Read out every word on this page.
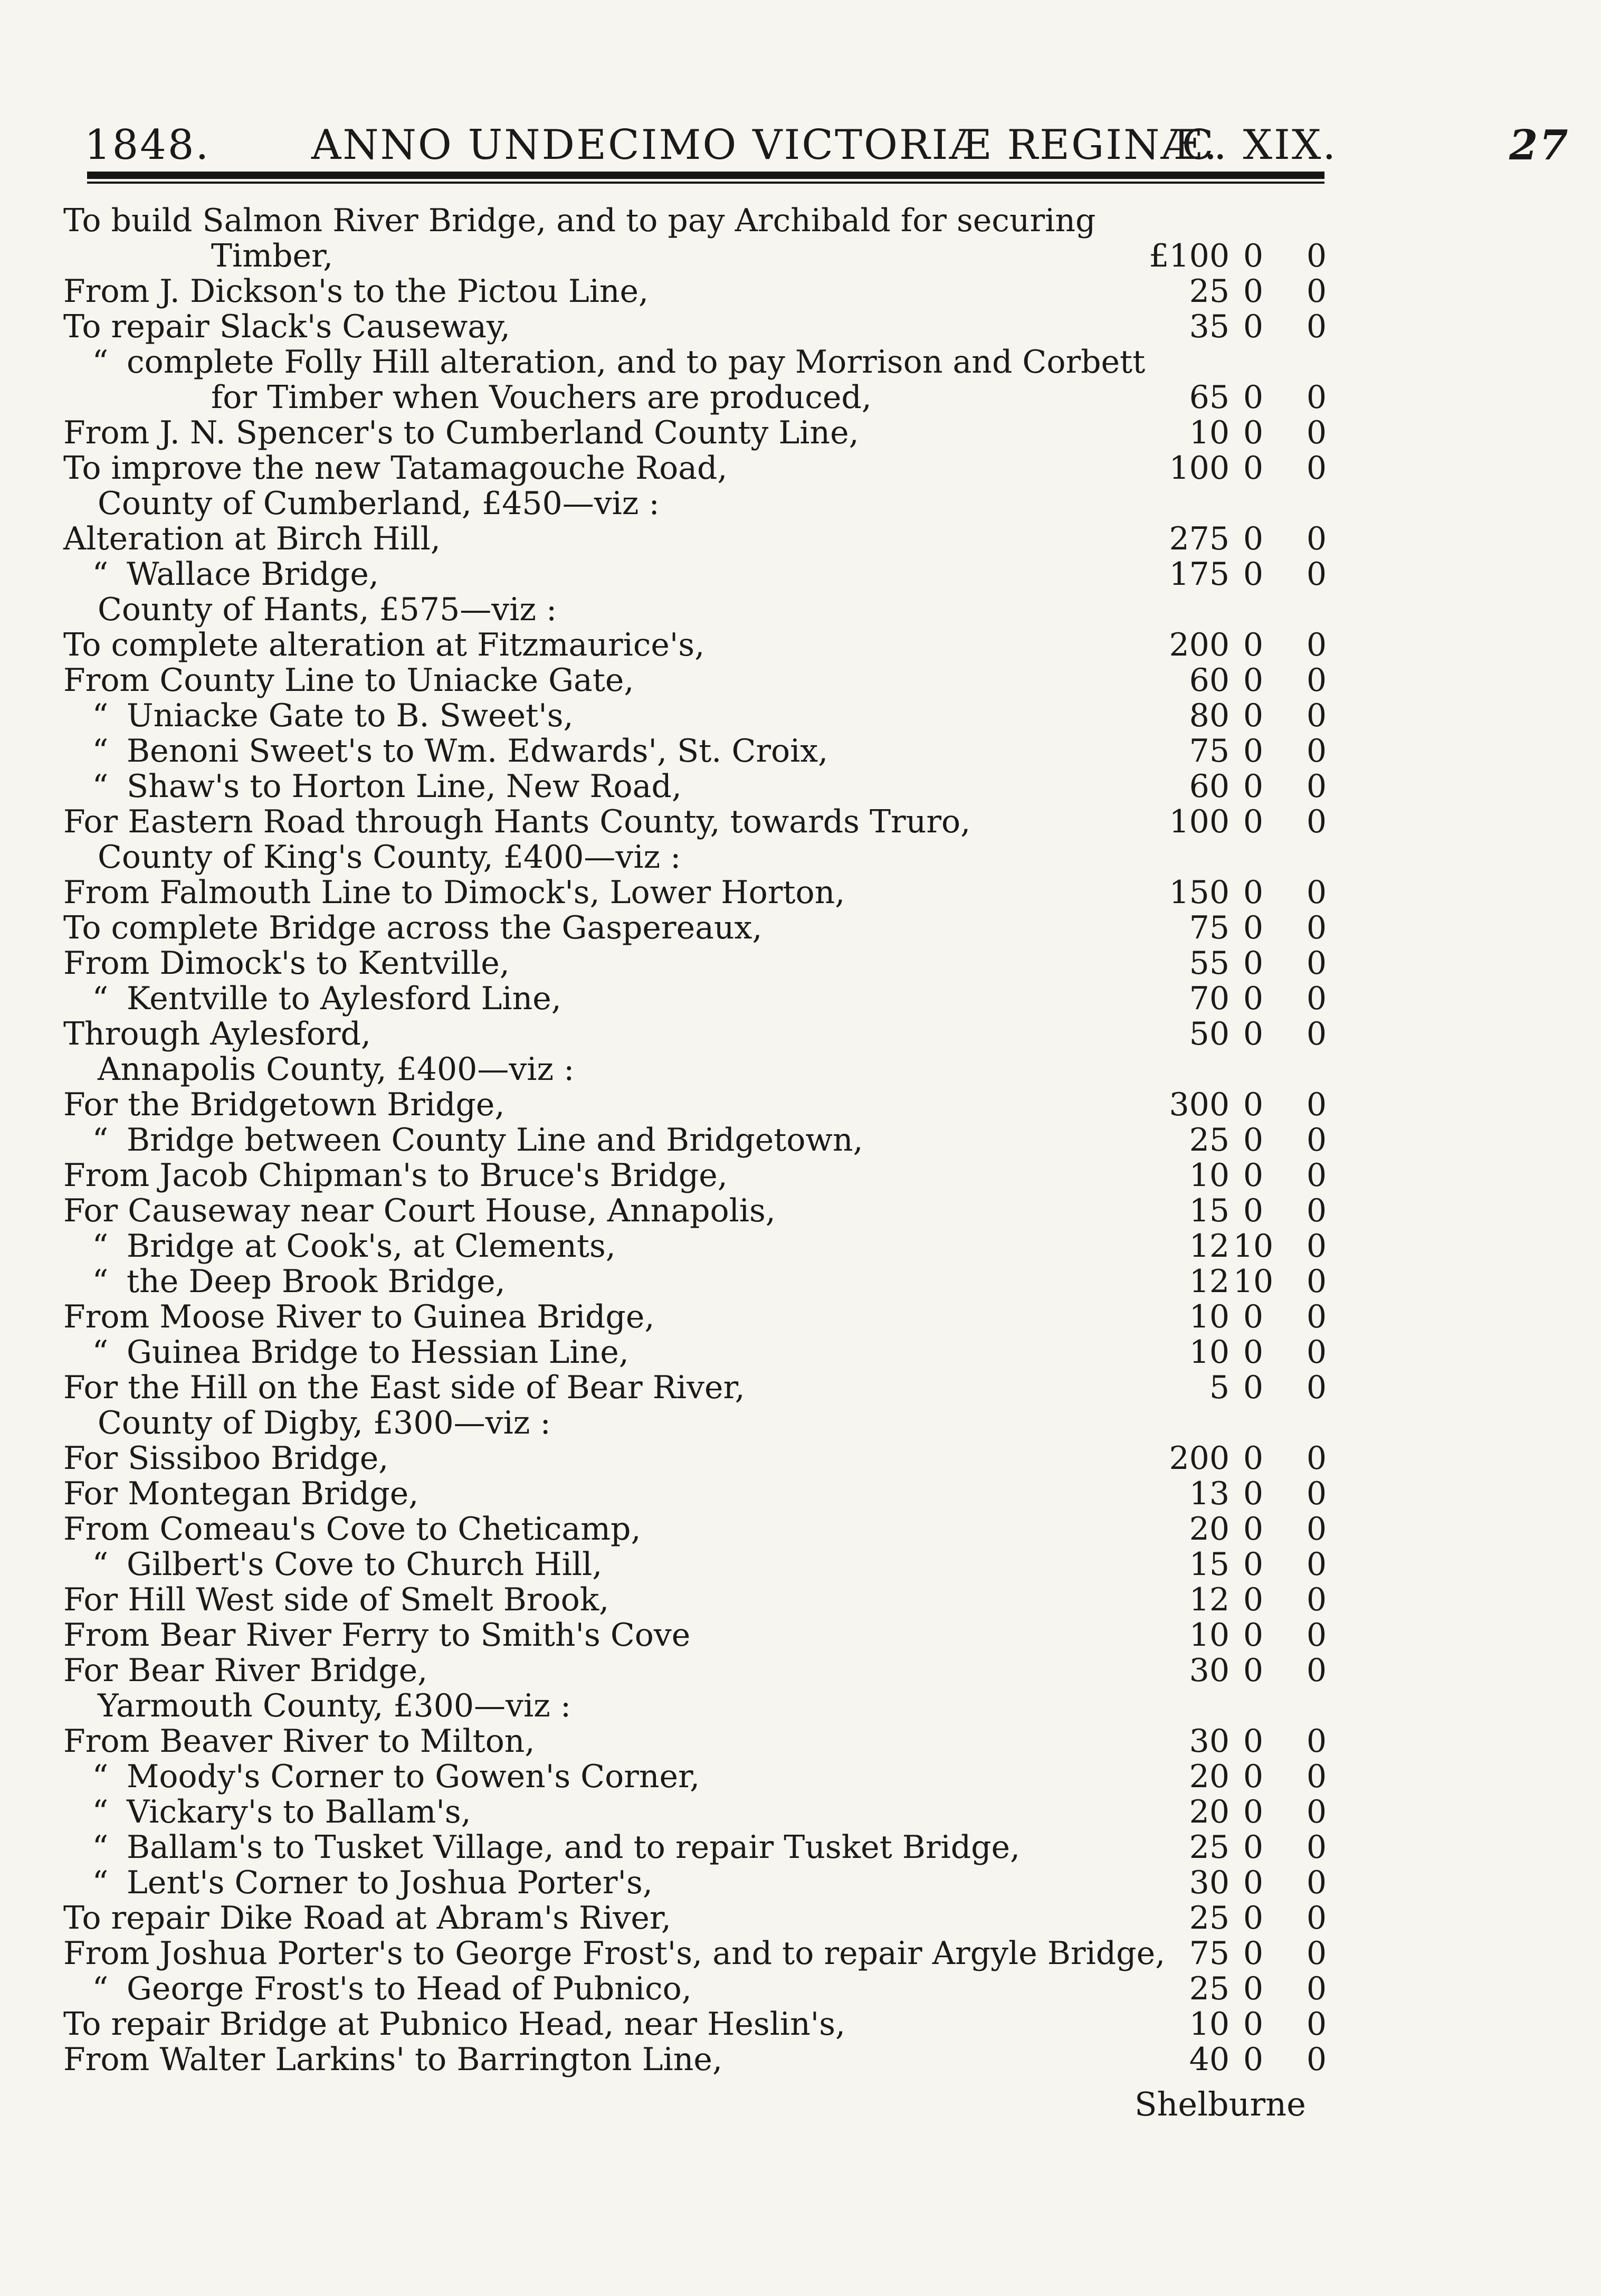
1848. ANNO UNDECIMO VICTORIÆ REGINÆ.
C. XIX.	27
To build Salmon River Bridge, and to pay Archibald for securing
Timber,	£100 0	0
From J. Dickson's to the Pictou Line,	25 0	0
To repair Slack's Causeway,	35 0	0
“ complete Folly Hill alteration, and to pay Morrison and Corbett
for Timber when Vouchers are produced,	65 0	0
From J. N. Spencer's to Cumberland County Line,	10 0	0
To improve the new Tatamagouche Road,	100 0	0
County of Cumberland, £450—viz :
Alteration at Birch Hill,	275 0	0
“ Wallace Bridge,	175 0	0
County of Hants, £575—viz :
To complete alteration at Fitzmaurice's,	200 0	0
From County Line to Uniacke Gate,	60 0	0
“ Uniacke Gate to B. Sweet's,	80 0	0
“ Benoni Sweet's to Wm. Edwards', St. Croix,	75 0	0
“ Shaw's to Horton Line, New Road,	60 0	0
For Eastern Road through Hants County, towards Truro,	100 0	0
County of King's County, £400—viz :
From Falmouth Line to Dimock's, Lower Horton,	150 0	0
To complete Bridge across the Gaspereaux,	75 0	0
From Dimock's to Kentville,	55 0	0
“ Kentville to Aylesford Line,	70 0	0
Through Aylesford,	50 0	0
Annapolis County, £400—viz :
For the Bridgetown Bridge,	300 0	0
“ Bridge between County Line and Bridgetown,	25 0	0
From Jacob Chipman's to Bruce's Bridge,	10 0	0
For Causeway near Court House, Annapolis,	15 0	0
“ Bridge at Cook's, at Clements,	12 10	0
“ the Deep Brook Bridge,	12 10	0
From Moose River to Guinea Bridge,	10 0	0
“ Guinea Bridge to Hessian Line,	10 0	0
For the Hill on the East side of Bear River,	5 0	0
County of Digby, £300—viz :
For Sissiboo Bridge,	200 0	0
For Montegan Bridge,	13 0	0
From Comeau's Cove to Cheticamp,	20 0	0
“ Gilbert's Cove to Church Hill,	15 0	0
For Hill West side of Smelt Brook,	12 0	0
From Bear River Ferry to Smith's Cove	10 0	0
For Bear River Bridge,	30 0	0
Yarmouth County, £300—viz :
From Beaver River to Milton,	30 0	0
“ Moody's Corner to Gowen's Corner,	20 0	0
“ Vickary's to Ballam's,	20 0	0
“ Ballam's to Tusket Village, and to repair Tusket Bridge,	25 0	0
“ Lent's Corner to Joshua Porter's,	30 0	0
To repair Dike Road at Abram's River,	25 0	0
From Joshua Porter's to George Frost's, and to repair Argyle Bridge, 75 0	0
“ George Frost's to Head of Pubnico,	25 0	0
To repair Bridge at Pubnico Head, near Heslin's,	10 0	0
From Walter Larkins' to Barrington Line,	40 0	0
Shelburne
